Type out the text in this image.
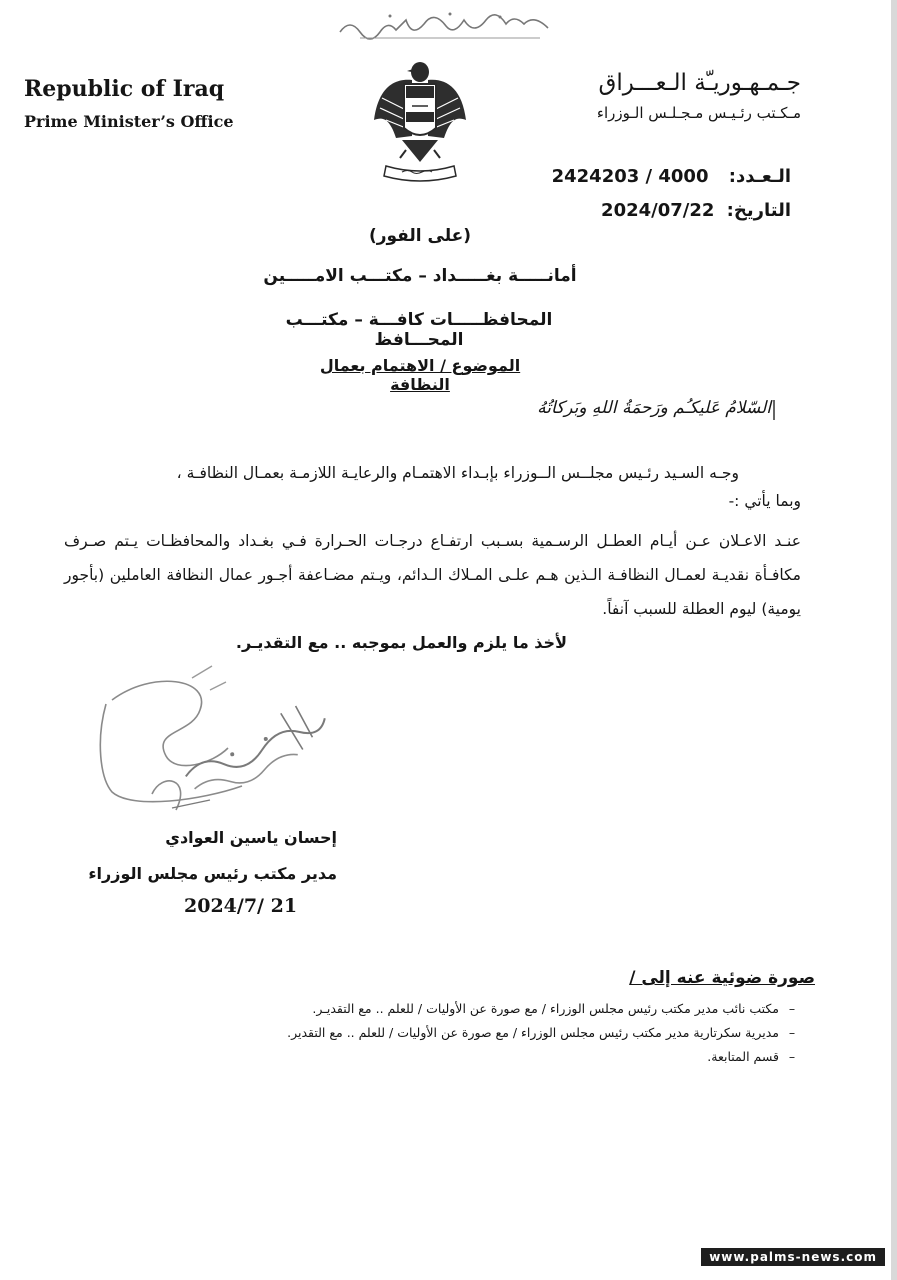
Republic of Iraq
Prime Minister’s Office
جـمـهـوريـّة الـعـــراق
مـكـتب رئـيـس مـجـلـس الـوزراء
الـعـدد: 2424203 / 4000
التاريخ: 2024/07/22
(على الفور)
أمانـــــة بغـــــداد – مكتـــب الامـــــين
المحافظـــــات كافـــة – مكتـــب المحـــافظ
الموضوع / الاهتمام بعمال النظافة
السّلامُ عَليكـُم ورَحمَةُ اللهِ وبَركاتُهُ
وجـه السـيد رئـيس مجلــس الــوزراء بإبـداء الاهتمـام والرعايـة اللازمـة بعمـال النظافـة ،
وبما يأتي :-
عنـد الاعـلان عـن أيـام العطـل الرسـمية بسـبب ارتفـاع درجـات الحـرارة فـي بغـداد والمحافظـات يـتم صـرف مكافـأة نقديـة لعمـال النظافـة الـذين هـم علـى المـلاك الـدائم، ويـتم مضـاعفة أجـور عمال النظافة العاملين (بأجور يومية) ليوم العطلة للسبب آنفاً.
لأخذ ما يلزم والعمل بموجبه .. مع التقديـر.
إحسان ياسين العوادي
مدير مكتب رئيس مجلس الوزراء
2024/7/ 21
صورة ضوئية عنه إلى /
–مكتب نائب مدير مكتب رئيس مجلس الوزراء / مع صورة عن الأوليات / للعلم .. مع التقديـر.
–مديرية سكرتارية مدير مكتب رئيس مجلس الوزراء / مع صورة عن الأوليات / للعلم .. مع التقدير.
–قسم المتابعة.
www.palms-news.com
